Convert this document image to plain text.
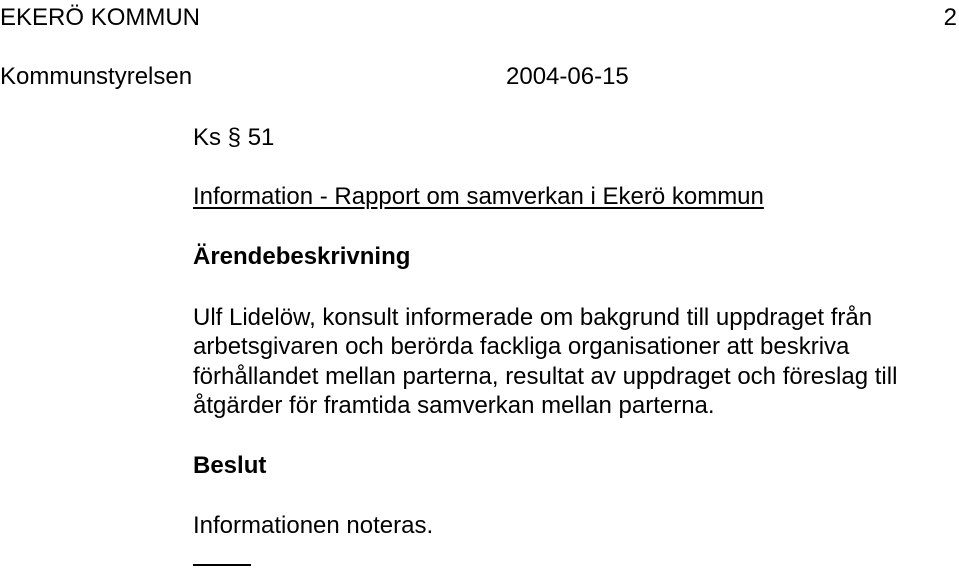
EKERÖ KOMMUN	2
Kommunstyrelsen	2004-06-15
Ks § 51
Information - Rapport om samverkan i Ekerö kommun
Ärendebeskrivning
Ulf Lidelöw, konsult informerade om bakgrund till uppdraget från
arbetsgivaren och berörda fackliga organisationer att beskriva
förhållandet mellan parterna, resultat av uppdraget och föreslag till
åtgärder för framtida samverkan mellan parterna.
Beslut
Informationen noteras.
